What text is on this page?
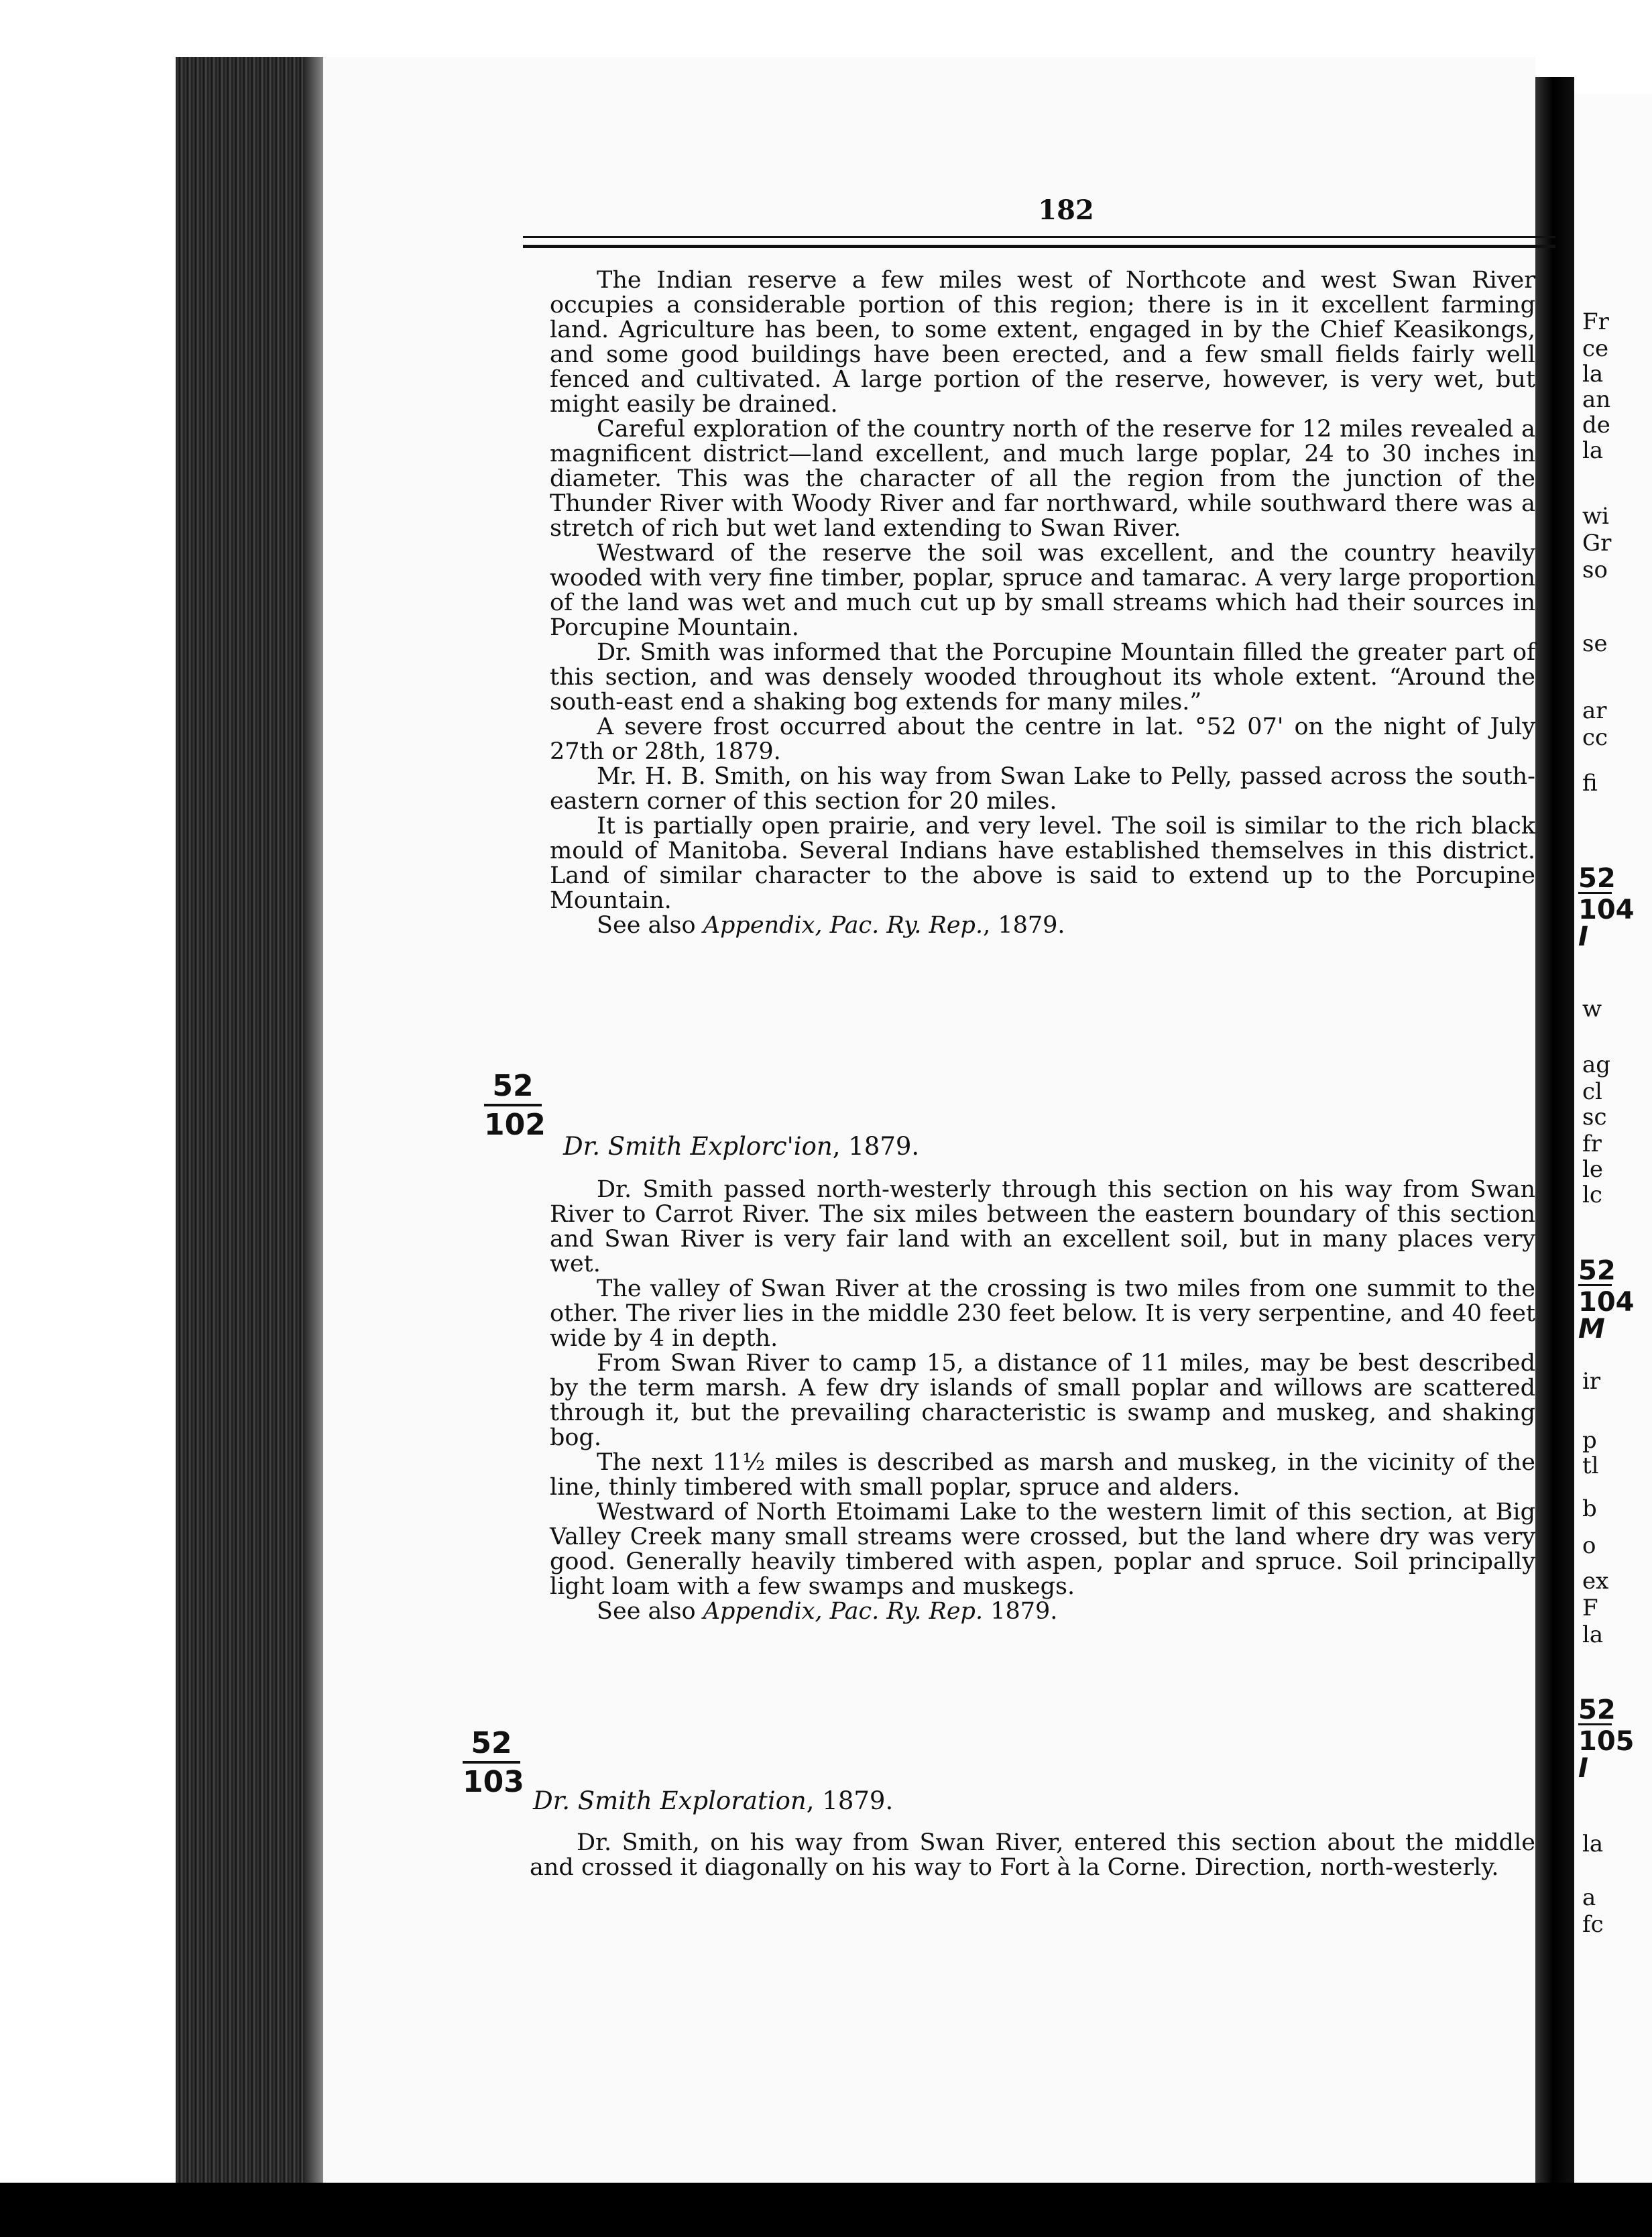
182

The Indian reserve a few miles west of Northcote and west Swan River occupies a considerable portion of this region; there is in it excellent farming land. Agriculture has been, to some extent, engaged in by the Chief Keasikongs, and some good buildings have been erected, and a few small fields fairly well fenced and cultivated. A large portion of the reserve, however, is very wet, but might easily be drained.

Careful exploration of the country north of the reserve for 12 miles revealed a magnificent district—land excellent, and much large poplar, 24 to 30 inches in diameter. This was the character of all the region from the junction of the Thunder River with Woody River and far northward, while southward there was a stretch of rich but wet land extending to Swan River.

Westward of the reserve the soil was excellent, and the country heavily wooded with very fine timber, poplar, spruce and tamarac. A very large proportion of the land was wet and much cut up by small streams which had their sources in Porcupine Mountain.

Dr. Smith was informed that the Porcupine Mountain filled the greater part of this section, and was densely wooded throughout its whole extent. “Around the south-east end a shaking bog extends for many miles.”

A severe frost occurred about the centre in lat. °52 07' on the night of July 27th or 28th, 1879.

Mr. H. B. Smith, on his way from Swan Lake to Pelly, passed across the south-eastern corner of this section for 20 miles.

It is partially open prairie, and very level. The soil is similar to the rich black mould of Manitoba. Several Indians have established themselves in this district. Land of similar character to the above is said to extend up to the Porcupine Mountain.

See also Appendix, Pac. Ry. Rep., 1879.

$\frac{52}{102}$
Dr. Smith Explorc'ion, 1879.

Dr. Smith passed north-westerly through this section on his way from Swan River to Carrot River. The six miles between the eastern boundary of this section and Swan River is very fair land with an excellent soil, but in many places very wet.

The valley of Swan River at the crossing is two miles from one summit to the other. The river lies in the middle 230 feet below. It is very serpentine, and 40 feet wide by 4 in depth.

From Swan River to camp 15, a distance of 11 miles, may be best described by the term marsh. A few dry islands of small poplar and willows are scattered through it, but the prevailing characteristic is swamp and muskeg, and shaking bog.

The next 11½ miles is described as marsh and muskeg, in the vicinity of the line, thinly timbered with small poplar, spruce and alders.

Westward of North Etoimami Lake to the western limit of this section, at Big Valley Creek many small streams were crossed, but the land where dry was very good. Generally heavily timbered with aspen, poplar and spruce. Soil principally light loam with a few swamps and muskegs.

See also Appendix, Pac. Ry. Rep. 1879.

$\frac{52}{103}$
Dr. Smith Exploration, 1879.

Dr. Smith, on his way from Swan River, entered this section about the middle and crossed it diagonally on his way to Fort à la Corne. Direction, north-westerly.

Fr
ce
la
an
de
la
wi
Gr
so
se
ar
cc
fi
$\frac{52}{104 I}$
w
ag
cl
sc
fr
le
lc
$\frac{52}{104 M}$
ir
p
tl
b
o
ex
F
la
$\frac{52}{105 I}$
la
a
fc
